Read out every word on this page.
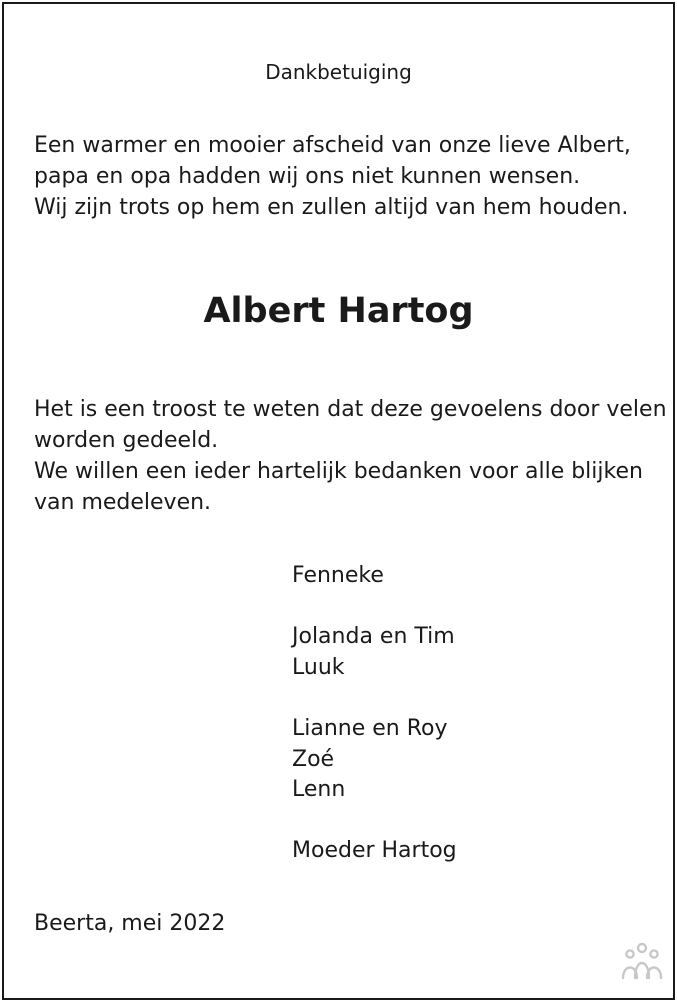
Dankbetuiging

Een warmer en mooier afscheid van onze lieve Albert,
papa en opa hadden wij ons niet kunnen wensen.
Wij zijn trots op hem en zullen altijd van hem houden.

Albert Hartog

Het is een troost te weten dat deze gevoelens door velen
worden gedeeld.
We willen een ieder hartelijk bedanken voor alle blijken
van medeleven.

Fenneke
Jolanda en Tim
Luuk
Lianne en Roy
Zoé
Lenn
Moeder Hartog
Beerta, mei 2022
